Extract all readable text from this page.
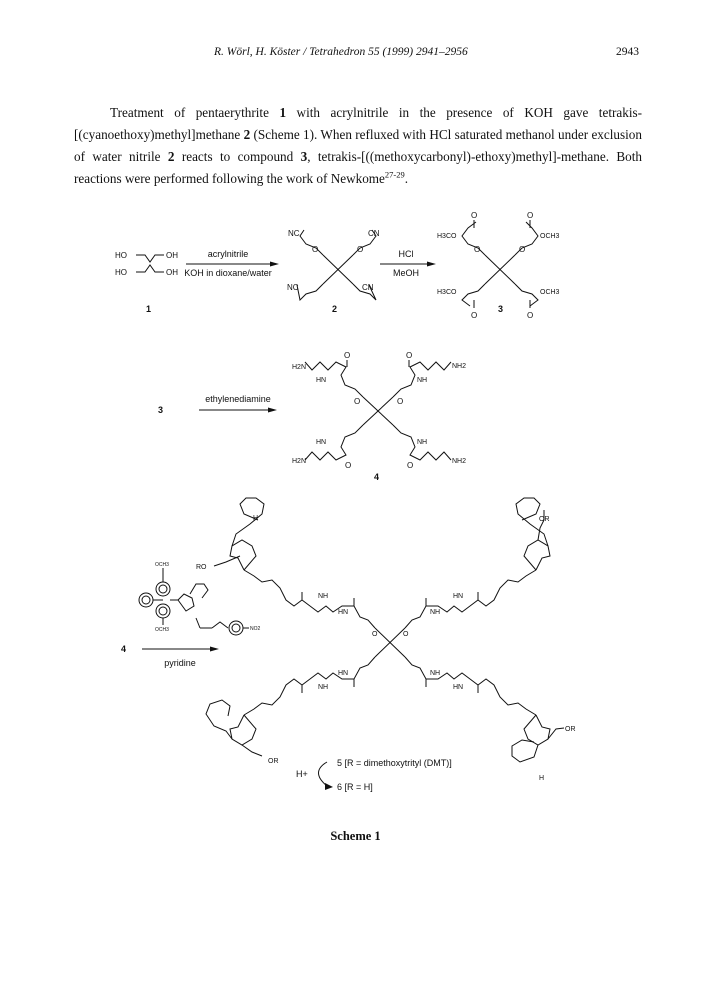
R. Wörl, H. Köster / Tetrahedron 55 (1999) 2941–2956	2943

Treatment of pentaerythrite 1 with acrylnitrile in the presence of KOH gave tetrakis-[(cyanoethoxy)methyl]methane 2 (Scheme 1). When refluxed with HCl saturated methanol under exclusion of water nitrile 2 reacts to compound 3, tetrakis-[((methoxycarbonyl)-ethoxy)methyl]-methane. Both reactions were performed following the work of Newkome$^{27-29}$.

HO	OH
HO	OH
1
acrylnitrile
KOH in dioxane/water
O	O
NC	CN
NC	CN
2
HCl
MeOH
O	O
O	O
O	O
H3CO	OCH3
H3CO	OCH3
3
3
ethylenediamine
O	O
O	O
HN	NH
HN	NH
H2N	NH2
H2N	NH2
O	O
4
OCH3
OCH3	NO2
4
pyridine
H	OR
RO
OR
OR
H
NH
HN	NH
HN
HN
NH
NH
HN
O	O
H+
5 [R = dimethoxytrityl (DMT)]
6 [R = H]
Scheme 1
